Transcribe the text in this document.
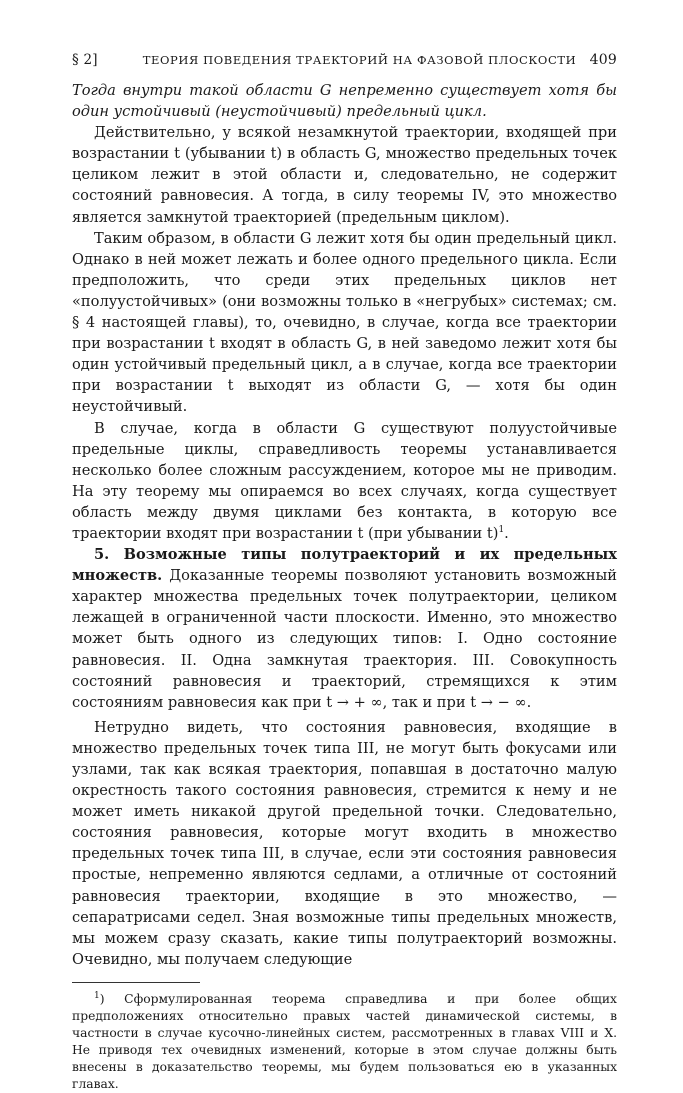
§ 2]	ТЕОРИЯ ПОВЕДЕНИЯ ТРАЕКТОРИЙ НА ФАЗОВОЙ ПЛОСКОСТИ 409

Тогда внутри такой области G непременно существует хотя бы один устойчивый (неустойчивый) предельный цикл.

Действительно, у всякой незамкнутой траектории, входящей при возрастании t (убывании t) в область G, множество предельных точек целиком лежит в этой области и, следовательно, не содержит состояний равновесия. А тогда, в силу теоремы IV, это множество является замкнутой траекторией (предельным циклом).

Таким образом, в области G лежит хотя бы один предельный цикл. Однако в ней может лежать и более одного предельного цикла. Если предположить, что среди этих предельных циклов нет «полуустойчивых» (они возможны только в «негрубых» системах; см. § 4 настоящей главы), то, очевидно, в случае, когда все траектории при возрастании t входят в область G, в ней заведомо лежит хотя бы один устойчивый предельный цикл, а в случае, когда все траектории при возрастании t выходят из области G, — хотя бы один неустойчивый.

В случае, когда в области G существуют полуустойчивые предельные циклы, справедливость теоремы устанавливается несколько более сложным рассуждением, которое мы не приводим. На эту теорему мы опираемся во всех случаях, когда существует область между двумя циклами без контакта, в которую все траектории входят при возрастании t (при убывании t)$^1$.

5. Возможные типы полутраекторий и их предельных множеств. Доказанные теоремы позволяют установить возможный характер множества предельных точек полутраектории, целиком лежащей в ограниченной части плоскости. Именно, это множество может быть одного из следующих типов: I. Одно состояние равновесия. II. Одна замкнутая траектория. III. Совокупность состояний равновесия и траекторий, стремящихся к этим состояниям равновесия как при t → + ∞, так и при t → − ∞.

Нетрудно видеть, что состояния равновесия, входящие в множество предельных точек типа III, не могут быть фокусами или узлами, так как всякая траектория, попавшая в достаточно малую окрестность такого состояния равновесия, стремится к нему и не может иметь никакой другой предельной точки. Следовательно, состояния равновесия, которые могут входить в множество предельных точек типа III, в случае, если эти состояния равновесия простые, непременно являются седлами, а отличные от состояний равновесия траектории, входящие в это множество, — сепаратрисами седел. Зная возможные типы предельных множеств, мы можем сразу сказать, какие типы полутраекторий возможны. Очевидно, мы получаем следующие

$^1$) Сформулированная теорема справедлива и при более общих предположениях относительно правых частей динамической системы, в частности в случае кусочно-линейных систем, рассмотренных в главах VIII и X. Не приводя тех очевидных изменений, которые в этом случае должны быть внесены в доказательство теоремы, мы будем пользоваться ею в указанных главах.
